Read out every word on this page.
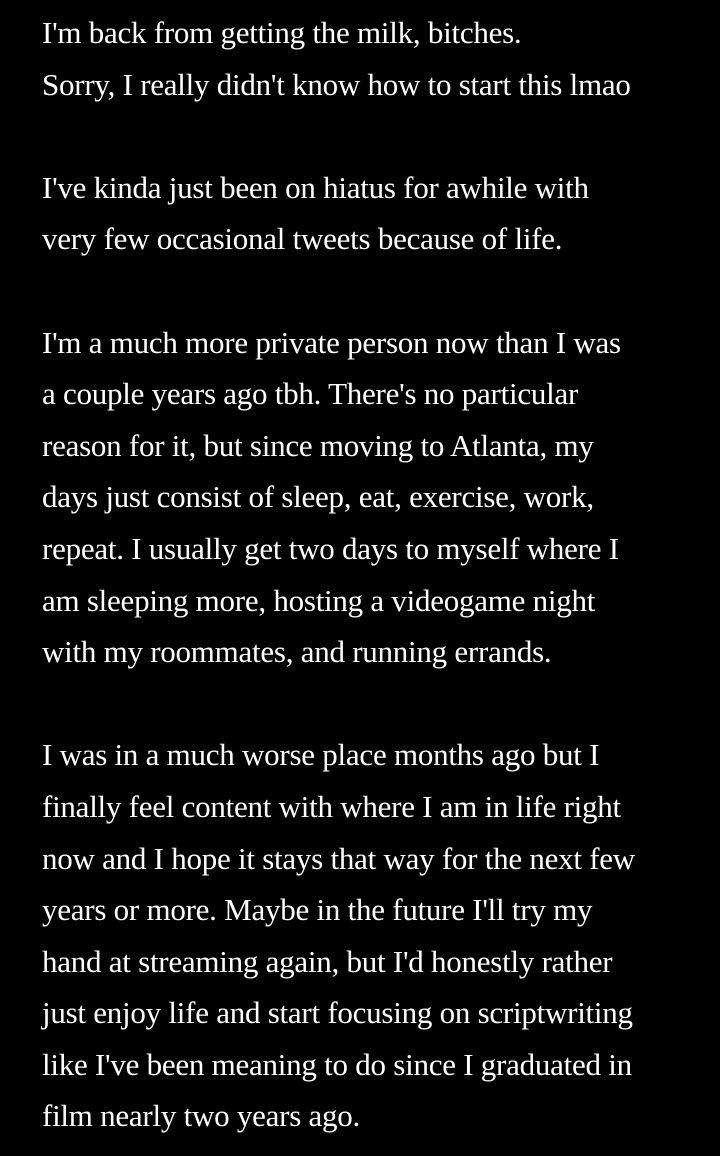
I'm back from getting the milk, bitches.
Sorry, I really didn't know how to start this lmao
I've kinda just been on hiatus for awhile with
very few occasional tweets because of life.
I'm a much more private person now than I was
a couple years ago tbh. There's no particular
reason for it, but since moving to Atlanta, my
days just consist of sleep, eat, exercise, work,
repeat. I usually get two days to myself where I
am sleeping more, hosting a videogame night
with my roommates, and running errands.
I was in a much worse place months ago but I
finally feel content with where I am in life right
now and I hope it stays that way for the next few
years or more. Maybe in the future I'll try my
hand at streaming again, but I'd honestly rather
just enjoy life and start focusing on scriptwriting
like I've been meaning to do since I graduated in
film nearly two years ago.
